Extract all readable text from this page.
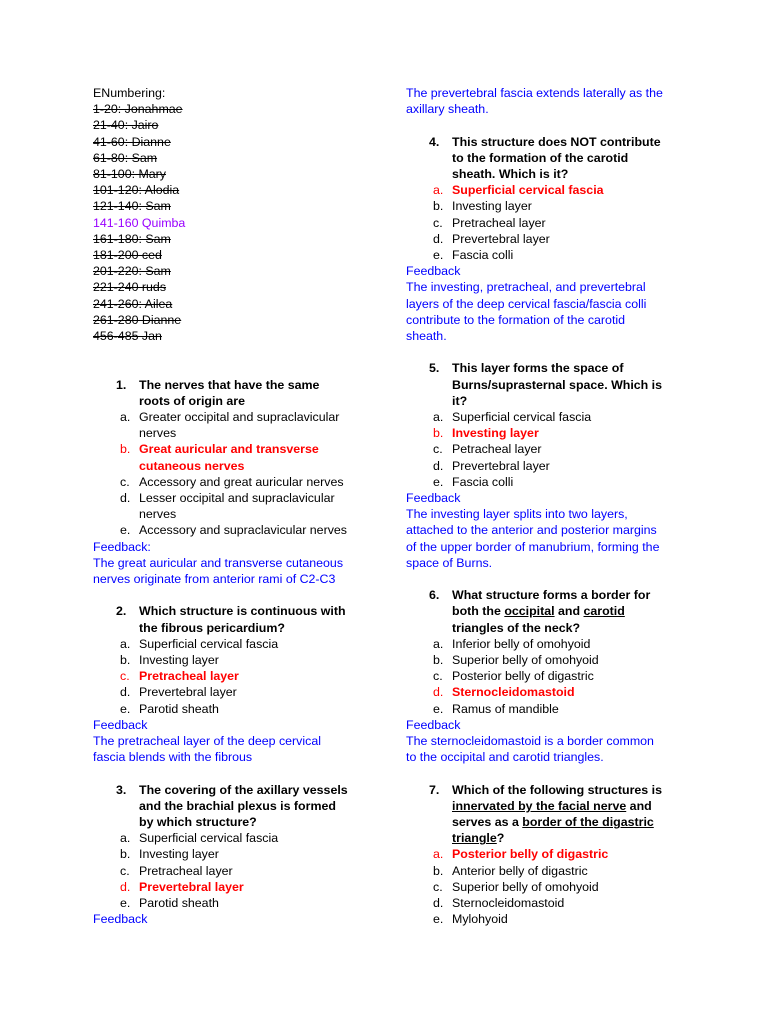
ENumbering:

1-20: Jonahmae

21-40: Jairo

41-60: Dianne

61-80: Sam

81-100: Mary

101-120: Alodia

121-140: Sam

141-160 Quimba

161-180: Sam

181-200 ced

201-220: Sam

221-240 ruds

241-260: Ailea

261-280 Dianne

456-485 Jan

1. The nerves that have the same

roots of origin are

a. Greater occipital and supraclavicular

nerves

b. Great auricular and transverse

cutaneous nerves

c. Accessory and great auricular nerves

d. Lesser occipital and supraclavicular

nerves

e. Accessory and supraclavicular nerves

Feedback:

The great auricular and transverse cutaneous

nerves originate from anterior rami of C2-C3

2. Which structure is continuous with

the fibrous pericardium?

a. Superficial cervical fascia

b. Investing layer

c. Pretracheal layer

d. Prevertebral layer

e. Parotid sheath

Feedback

The pretracheal layer of the deep cervical

fascia blends with the fibrous

3. The covering of the axillary vessels

and the brachial plexus is formed

by which structure?

a. Superficial cervical fascia

b. Investing layer

c. Pretracheal layer

d. Prevertebral layer

e. Parotid sheath

Feedback

The prevertebral fascia extends laterally as the

axillary sheath.

4. This structure does NOT contribute

to the formation of the carotid

sheath. Which is it?

a. Superficial cervical fascia

b. Investing layer

c. Pretracheal layer

d. Prevertebral layer

e. Fascia colli

Feedback

The investing, pretracheal, and prevertebral

layers of the deep cervical fascia/fascia colli

contribute to the formation of the carotid

sheath.

5. This layer forms the space of

Burns/suprasternal space. Which is

it?

a. Superficial cervical fascia

b. Investing layer

c. Petracheal layer

d. Prevertebral layer

e. Fascia colli

Feedback

The investing layer splits into two layers,

attached to the anterior and posterior margins

of the upper border of manubrium, forming the

space of Burns.

6. What structure forms a border for

both the occipital and carotid

triangles of the neck?

a. Inferior belly of omohyoid

b. Superior belly of omohyoid

c. Posterior belly of digastric

d. Sternocleidomastoid

e. Ramus of mandible

Feedback

The sternocleidomastoid is a border common

to the occipital and carotid triangles.

7. Which of the following structures is

innervated by the facial nerve and

serves as a border of the digastric

triangle?

a. Posterior belly of digastric

b. Anterior belly of digastric

c. Superior belly of omohyoid

d. Sternocleidomastoid

e. Mylohyoid
